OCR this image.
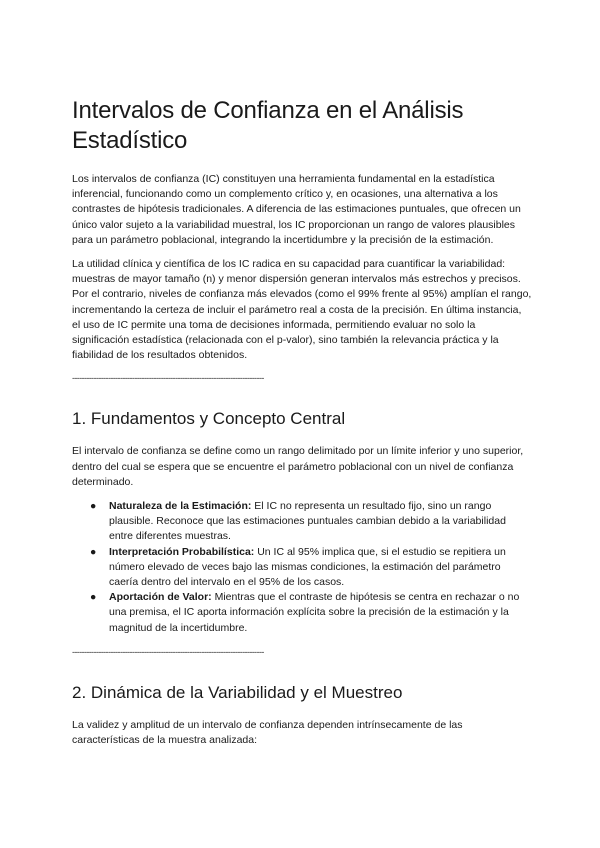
Intervalos de Confianza en el Análisis Estadístico

Los intervalos de confianza (IC) constituyen una herramienta fundamental en la estadística inferencial, funcionando como un complemento crítico y, en ocasiones, una alternativa a los contrastes de hipótesis tradicionales. A diferencia de las estimaciones puntuales, que ofrecen un único valor sujeto a la variabilidad muestral, los IC proporcionan un rango de valores plausibles para un parámetro poblacional, integrando la incertidumbre y la precisión de la estimación.

La utilidad clínica y científica de los IC radica en su capacidad para cuantificar la variabilidad: muestras de mayor tamaño (n) y menor dispersión generan intervalos más estrechos y precisos. Por el contrario, niveles de confianza más elevados (como el 99% frente al 95%) amplían el rango, incrementando la certeza de incluir el parámetro real a costa de la precisión. En última instancia, el uso de IC permite una toma de decisiones informada, permitiendo evaluar no solo la significación estadística (relacionada con el p-valor), sino también la relevancia práctica y la fiabilidad de los resultados obtenidos.

--------------------------------------------------------------------------------
1. Fundamentos y Concepto Central

El intervalo de confianza se define como un rango delimitado por un límite inferior y uno superior, dentro del cual se espera que se encuentre el parámetro poblacional con un nivel de confianza determinado.

● Naturaleza de la Estimación: El IC no representa un resultado fijo, sino un rango plausible. Reconoce que las estimaciones puntuales cambian debido a la variabilidad entre diferentes muestras.
● Interpretación Probabilística: Un IC al 95% implica que, si el estudio se repitiera un número elevado de veces bajo las mismas condiciones, la estimación del parámetro caería dentro del intervalo en el 95% de los casos.
● Aportación de Valor: Mientras que el contraste de hipótesis se centra en rechazar o no una premisa, el IC aporta información explícita sobre la precisión de la estimación y la magnitud de la incertidumbre.
--------------------------------------------------------------------------------
2. Dinámica de la Variabilidad y el Muestreo

La validez y amplitud de un intervalo de confianza dependen intrínsecamente de las características de la muestra analizada:
